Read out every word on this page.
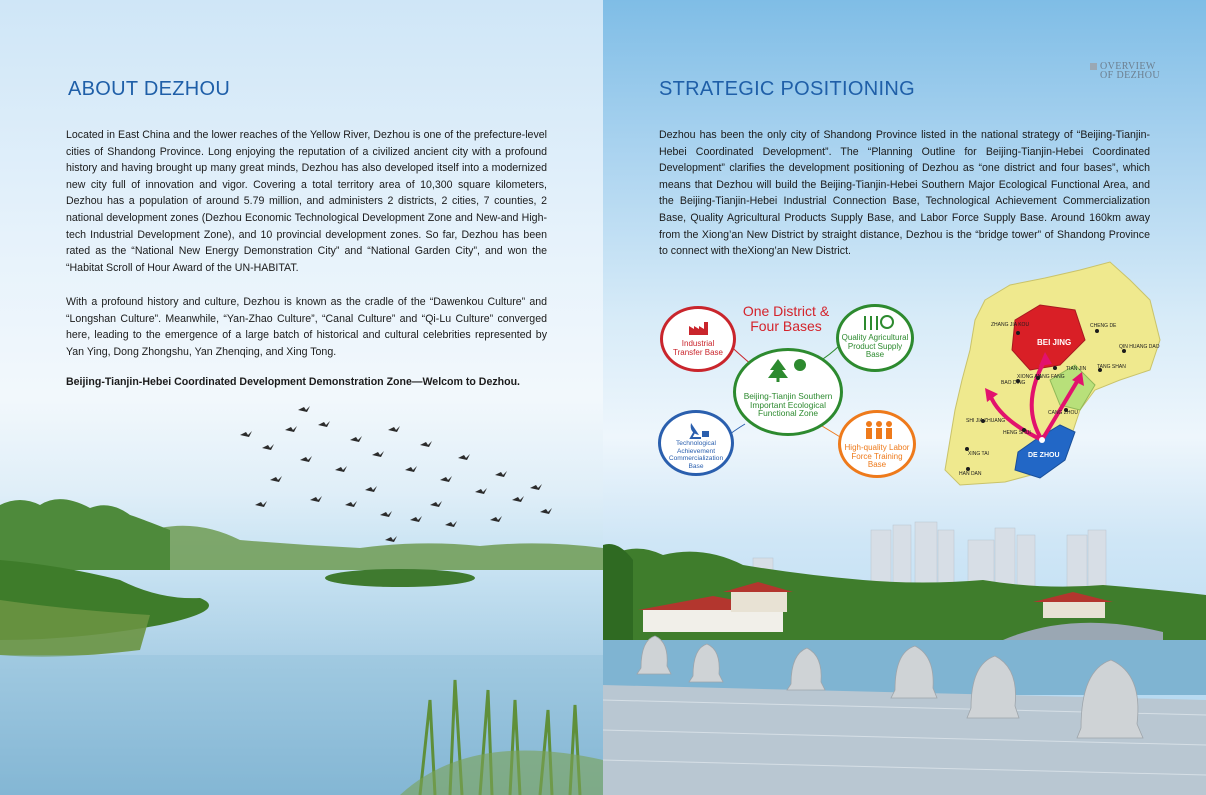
ABOUT DEZHOU

Located in East China and the lower reaches of the Yellow River, Dezhou is one of the prefecture-level cities of Shandong Province. Long enjoying the reputation of a civilized ancient city with a profound history and having brought up many great minds, Dezhou has also developed itself into a modernized new city full of innovation and vigor. Covering a total territory area of 10,300 square kilometers, Dezhou has a population of around 5.79 million, and administers 2 districts, 2 cities, 7 counties, 2 national development zones (Dezhou Economic Technological Development Zone and New-and High-tech Industrial Development Zone), and 10 provincial development zones. So far, Dezhou has been rated as the “National New Energy Demonstration City” and “National Garden City”, and won the “Habitat Scroll of Hour Award of the UN-HABITAT.

With a profound history and culture, Dezhou is known as the cradle of the “Dawenkou Culture” and “Longshan Culture”. Meanwhile, “Yan-Zhao Culture”, “Canal Culture” and “Qi-Lu Culture” converged here, leading to the emergence of a large batch of historical and cultural celebrities represented by Yan Ying, Dong Zhongshu, Yan Zhenqing, and Xing Tong.

Beijing-Tianjin-Hebei Coordinated Development Demonstration Zone—Welcom to Dezhou.

OVERVIEW
OF DEZHOU
STRATEGIC POSITIONING

Dezhou has been the only city of Shandong Province listed in the national strategy of “Beijing-Tianjin-Hebei Coordinated Development”. The “Planning Outline for Beijing-Tianjin-Hebei Coordinated Development” clarifies the development positioning of Dezhou as “one district and four bases”, which means that Dezhou will build the Beijing-Tianjin-Hebei Southern Major Ecological Functional Area, and the Beijing-Tianjin-Hebei Industrial Connection Base, Technological Achievement Commercialization Base, Quality Agricultural Products Supply Base, and Labor Force Supply Base. Around 160km away from the Xiong’an New District by straight distance, Dezhou is the “bridge tower” of Shandong Province to connect with theXiong’an New District.

One District &
Four Bases
Industrial
Transfer Base
Quality Agricultural
Product Supply
Base
Beijing-Tianjin Southern
Important Ecological
Functional Zone
Technological Achievement
Commercialization
Base
High-quality Labor
Force Training
Base
ZHANG JIA KOU	CHENG DE
QIN HUANG DAO
TANG SHAN
TIAN JIN
XIONG AN
LANG FANG
BAO DING
CANG ZHOU
SHI JIA ZHUANG
HENG SHUI
XING TAI
HAN DAN
BEI JING
DE ZHOU
